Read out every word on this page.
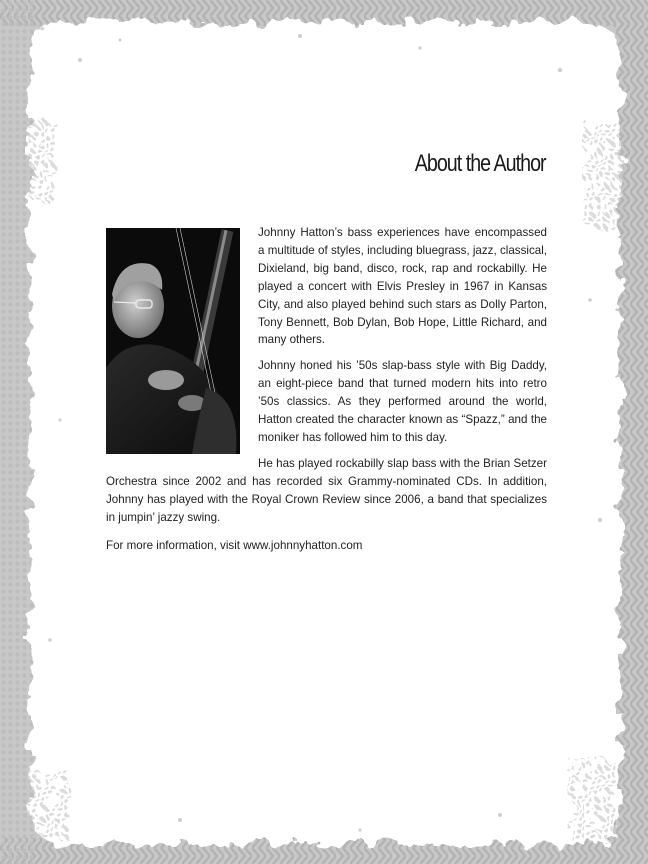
About the Author

Johnny Hatton’s bass experiences have encompassed a multitude of styles, including bluegrass, jazz, classical, Dixieland, big band, disco, rock, rap and rockabilly. He played a concert with Elvis Presley in 1967 in Kansas City, and also played behind such stars as Dolly Parton, Tony Bennett, Bob Dylan, Bob Hope, Little Richard, and many others.

Johnny honed his ’50s slap-bass style with Big Daddy, an eight-piece band that turned modern hits into retro ’50s classics. As they performed around the world, Hatton created the character known as “Spazz,” and the moniker has followed him to this day.

He has played rockabilly slap bass with the Brian Setzer Orchestra since 2002 and has recorded six Grammy-nominated CDs. In addition, Johnny has played with the Royal Crown Review since 2006, a band that specializes in jumpin’ jazzy swing.

For more information, visit www.johnnyhatton.com
